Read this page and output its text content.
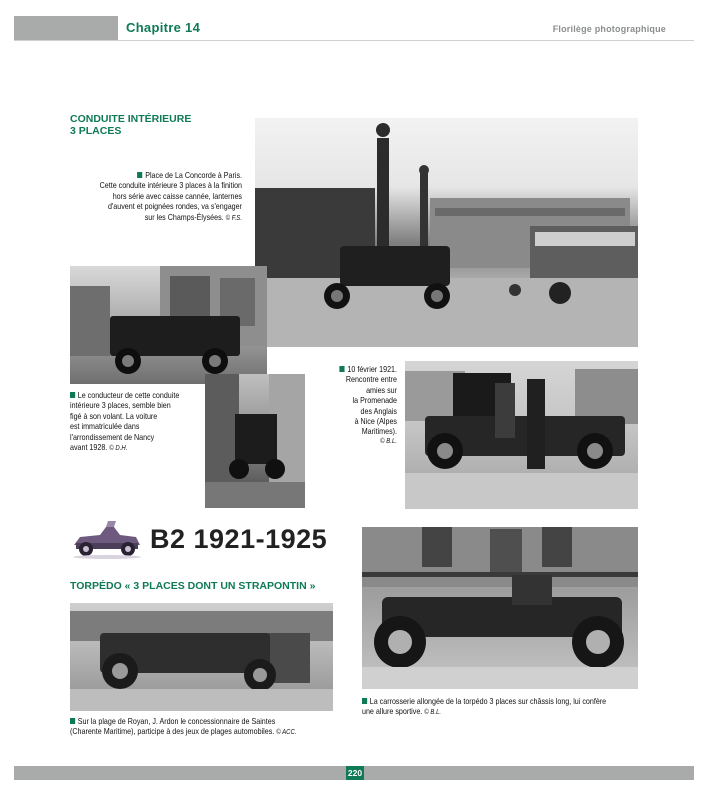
Chapitre 14	Florilège photographique
CONDUITE INTÉRIEURE
3 PLACES
Place de La Concorde à Paris.
Cette conduite intérieure 3 places à la finition
hors série avec caisse cannée, lanternes
d'auvent et poignées rondes, va s'engager
sur les Champs-Élysées. © F.S.
Le conducteur de cette conduite
intérieure 3 places, semble bien
figé à son volant. La voiture
est immatriculée dans
l'arrondissement de Nancy
avant 1928. © D.H.
10 février 1921.
Rencontre entre
amies sur
la Promenade
des Anglais
à Nice (Alpes
Maritimes).
© B.L.
B2 1921-1925
TORPÉDO « 3 PLACES DONT UN STRAPONTIN »
Sur la plage de Royan, J. Ardon le concessionnaire de Saintes
(Charente Maritime), participe à des jeux de plages automobiles. © ACC.
La carrosserie allongée de la torpédo 3 places sur châssis long, lui confère
une allure sportive. © B.L.
220
